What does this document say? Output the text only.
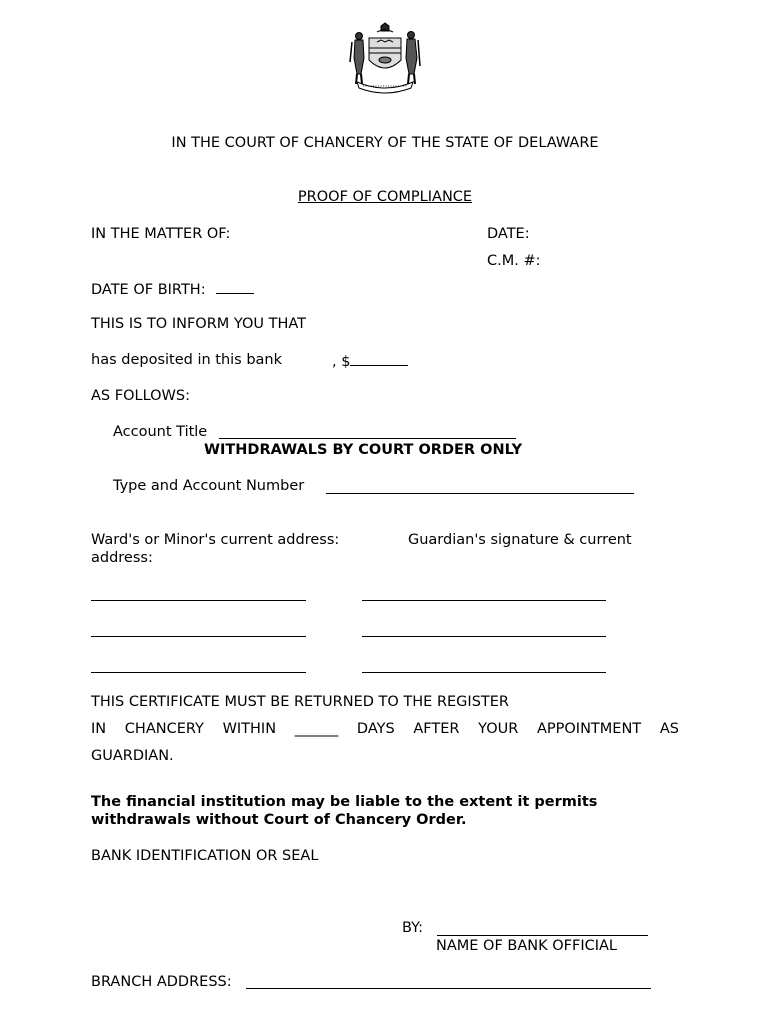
IN THE COURT OF CHANCERY OF THE STATE OF DELAWARE
PROOF OF COMPLIANCE
IN THE MATTER OF:	DATE:
C.M. #:
DATE OF BIRTH:
THIS IS TO INFORM YOU THAT
has deposited in this bank	, $
AS FOLLOWS:
Account Title
WITHDRAWALS BY COURT ORDER ONLY
Type and Account Number
Ward's or Minor's current address:	Guardian's signature & current
address:
THIS CERTIFICATE MUST BE RETURNED TO THE REGISTER
IN CHANCERY WITHIN ______ DAYS AFTER YOUR APPOINTMENT AS
GUARDIAN.
The financial institution may be liable to the extent it permits
withdrawals without Court of Chancery Order.
BANK IDENTIFICATION OR SEAL
BY:
NAME OF BANK OFFICIAL
BRANCH ADDRESS:
